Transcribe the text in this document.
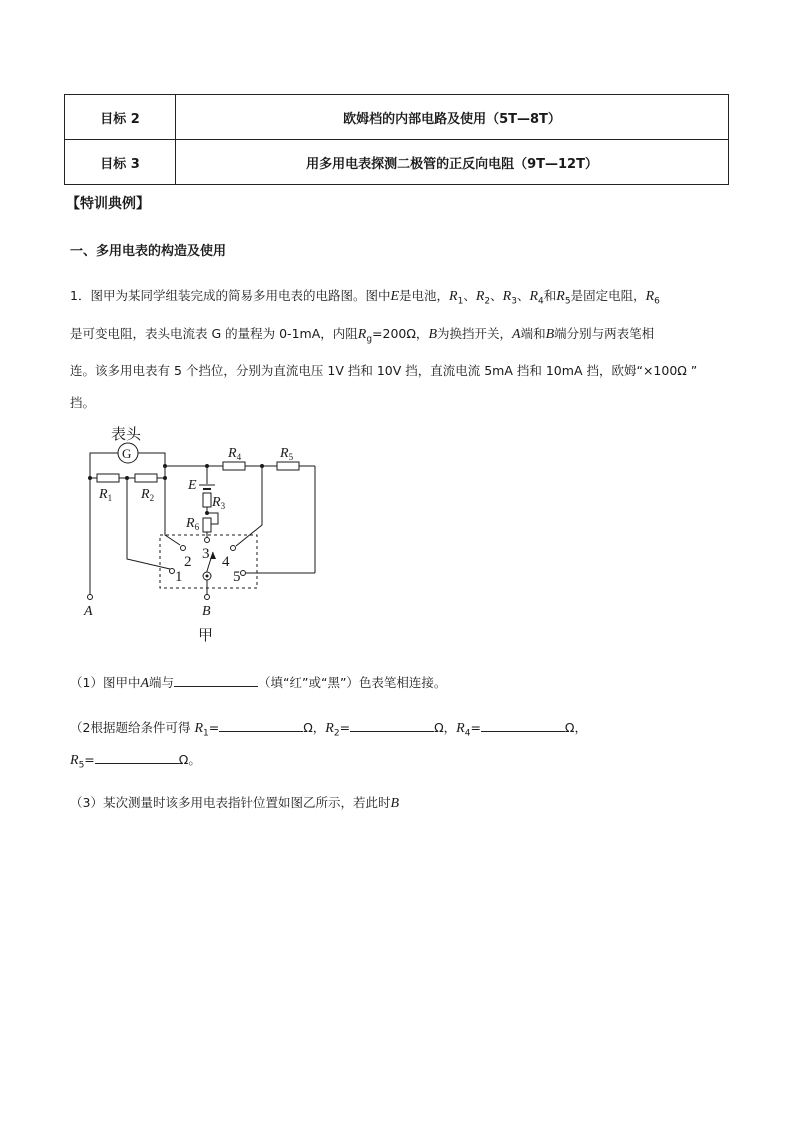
目标 2	欧姆档的内部电路及使用（5T—8T）
目标 3	用多用电表探测二极管的正反向电阻（9T—12T）
【特训典例】
一、多用电表的构造及使用
1．图甲为某同学组装完成的简易多用电表的电路图。图中E是电池，$R_1$、$R_2$、$R_3$、$R_4$和$R_5$是固定电阻，$R_6$
是可变电阻，表头电流表 G 的量程为 0-1mA，内阻$R_g=200\Omega$，B为换挡开关，A端和B端分别与两表笔相
连。该多用电表有 5 个挡位，分别为直流电压 1V 挡和 10V 挡，直流电流 5mA 挡和 10mA 挡，欧姆“×100Ω ”
挡。
表头
G
E
$R_1$ $R_2$	$R_3$
$R_4$	$R_5$
$R_6$
1
2 3 4
5
A	B
甲
（1）图甲中A端与	（填“红”或“黑”）色表笔相连接。
（2根据题给条件可得 $R_1=$	Ω，$R_2=$	Ω，$R_4=$	Ω，
$R_5=$	Ω。
（3）某次测量时该多用电表指针位置如图乙所示，若此时B
